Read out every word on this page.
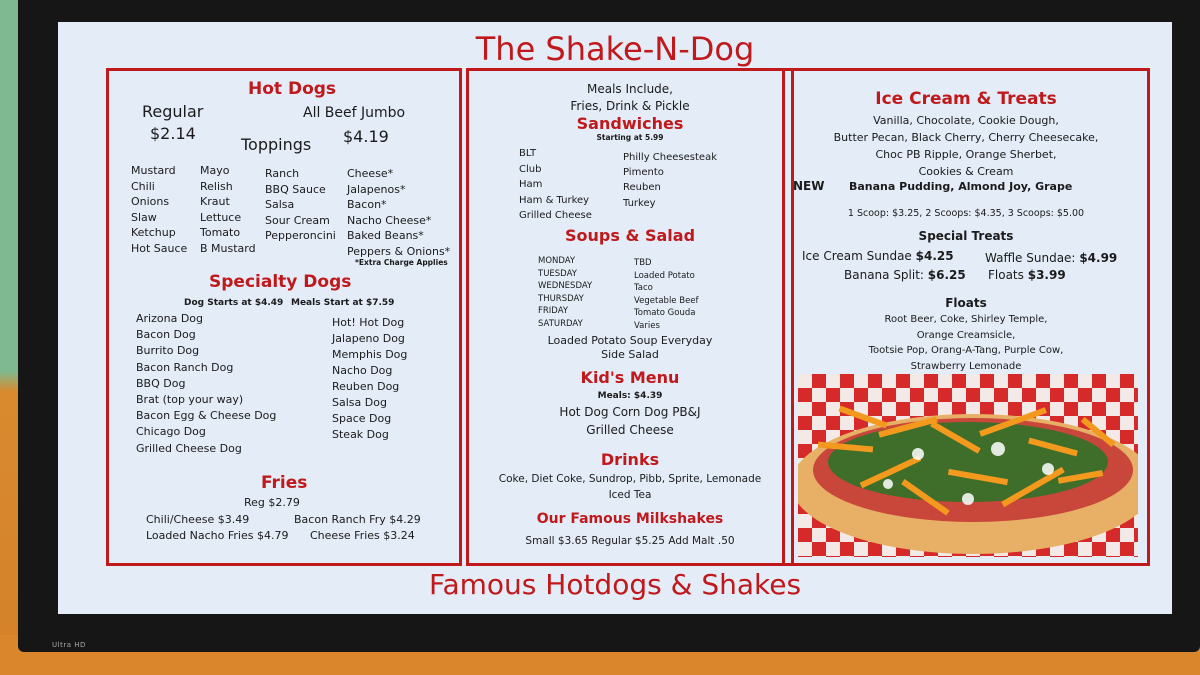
Ultra HD
The Shake-N-Dog
Hot Dogs
Regular
$2.14
All Beef Jumbo
$4.19
Toppings
Mustard
Chili
Onions
Slaw
Ketchup
Hot Sauce
Mayo
Relish
Kraut
Lettuce
Tomato
B Mustard
Ranch
BBQ Sauce
Salsa
Sour Cream
Pepperoncini
Cheese*
Jalapenos*
Bacon*
Nacho Cheese*
Baked Beans*
Peppers & Onions*
*Extra Charge Applies
Specialty Dogs
Dog Starts at $4.49 Meals Start at $7.59
Arizona Dog
Bacon Dog
Burrito Dog
Bacon Ranch Dog
BBQ Dog
Brat (top your way)
Bacon Egg & Cheese Dog
Chicago Dog
Grilled Cheese Dog
Hot! Hot Dog
Jalapeno Dog
Memphis Dog
Nacho Dog
Reuben Dog
Salsa Dog
Space Dog
Steak Dog
Fries
Reg $2.79
Chili/Cheese $3.49	Bacon Ranch Fry $4.29
Loaded Nacho Fries $4.79 Cheese Fries $3.24
Meals Include,
Fries, Drink & Pickle
Sandwiches
Starting at 5.99
BLT
Club
Ham
Ham & Turkey
Grilled Cheese
Philly Cheesesteak
Pimento
Reuben
Turkey
Soups & Salad
MONDAY
TUESDAY
WEDNESDAY
THURSDAY
FRIDAY
SATURDAY
TBD
Loaded Potato
Taco
Vegetable Beef
Tomato Gouda
Varies
Loaded Potato Soup Everyday
Side Salad
Kid's Menu
Meals: $4.39
Hot Dog Corn Dog PB&J
Grilled Cheese
Drinks
Coke, Diet Coke, Sundrop, Pibb, Sprite, Lemonade
Iced Tea
Our Famous Milkshakes
Small $3.65 Regular $5.25 Add Malt .50
Ice Cream & Treats
Vanilla, Chocolate, Cookie Dough,
Butter Pecan, Black Cherry, Cherry Cheesecake,
Choc PB Ripple, Orange Sherbet,
Cookies & Cream
NEW Banana Pudding, Almond Joy, Grape
1 Scoop: $3.25, 2 Scoops: $4.35, 3 Scoops: $5.00
Special Treats
Ice Cream Sundae $4.25	Waffle Sundae: $4.99
Banana Split: $6.25 Floats $3.99
Floats
Root Beer, Coke, Shirley Temple,
Orange Creamsicle,
Tootsie Pop, Orang-A-Tang, Purple Cow,
Strawberry Lemonade
Famous Hotdogs & Shakes
